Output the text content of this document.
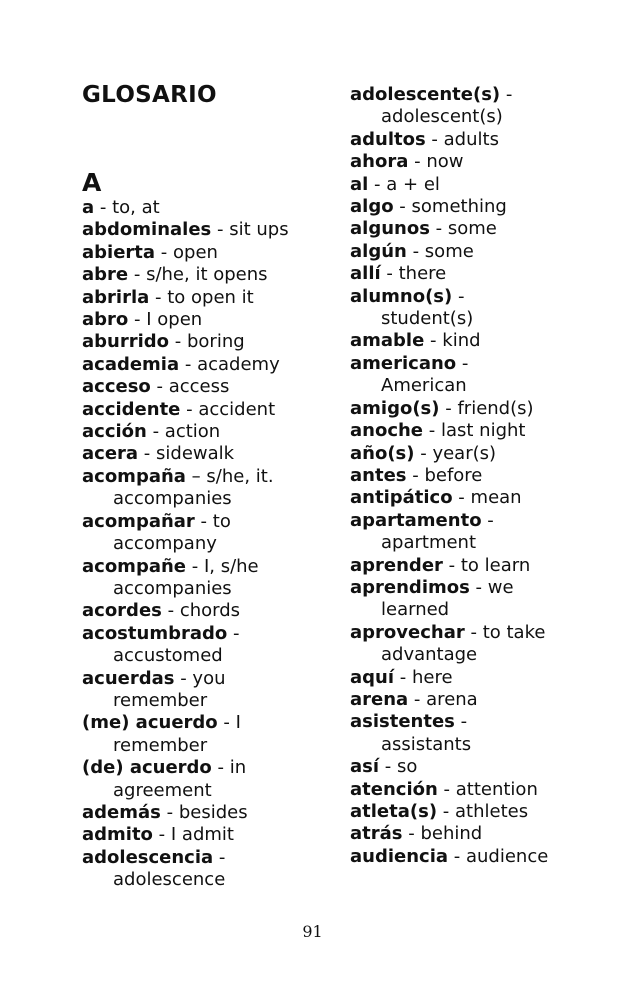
GLOSARIO
A
a - to, at
abdominales - sit ups
abierta - open
abre - s/he, it opens
abrirla - to open it
abro - I open
aburrido - boring
academia - academy
acceso - access
accidente - accident
acción - action
acera - sidewalk
acompaña – s/he, it.
accompanies
acompañar - to
accompany
acompañe - I, s/he
accompanies
acordes - chords
acostumbrado -
accustomed
acuerdas - you
remember
(me) acuerdo - I
remember
(de) acuerdo - in
agreement
además - besides
admito - I admit
adolescencia -
adolescence
adolescente(s) -
adolescent(s)
adultos - adults
ahora - now
al - a + el
algo - something
algunos - some
algún - some
allí - there
alumno(s) -
student(s)
amable - kind
americano -
American
amigo(s) - friend(s)
anoche - last night
año(s) - year(s)
antes - before
antipático - mean
apartamento -
apartment
aprender - to learn
aprendimos - we
learned
aprovechar - to take
advantage
aquí - here
arena - arena
asistentes -
assistants
así - so
atención - attention
atleta(s) - athletes
atrás - behind
audiencia - audience
91
